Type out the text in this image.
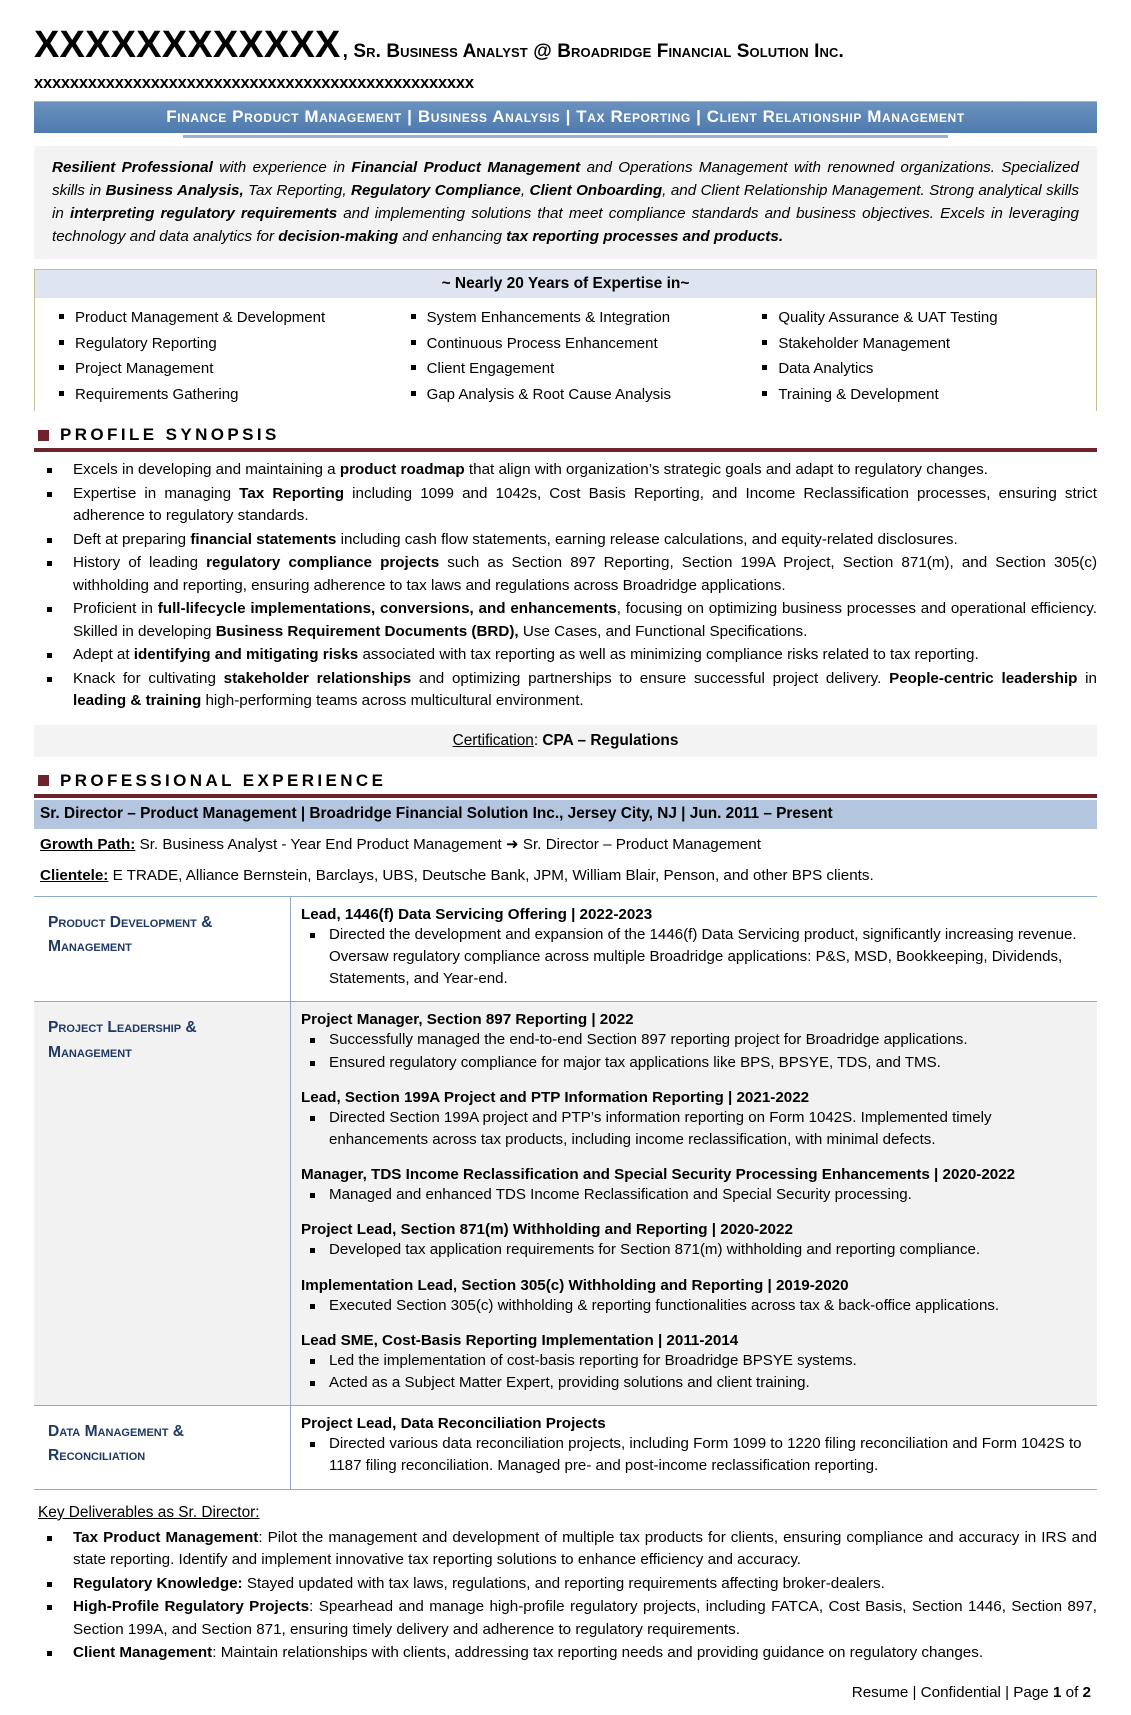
XXXXXXXXXXXX , Sr. Business Analyst @ Broadridge Financial Solution Inc.
xxxxxxxxxxxxxxxxxxxxxxxxxxxxxxxxxxxxxxxxxxxxxxxxx
Finance Product Management | Business Analysis | Tax Reporting | Client Relationship Management
Resilient Professional with experience in Financial Product Management and Operations Management with renowned organizations. Specialized skills in Business Analysis, Tax Reporting, Regulatory Compliance, Client Onboarding, and Client Relationship Management. Strong analytical skills in interpreting regulatory requirements and implementing solutions that meet compliance standards and business objectives. Excels in leveraging technology and data analytics for decision-making and enhancing tax reporting processes and products.
~ Nearly 20 Years of Expertise in~
Product Management & Development	System Enhancements & Integration	Quality Assurance & UAT Testing
Regulatory Reporting	Continuous Process Enhancement	Stakeholder Management
Project Management	Client Engagement	Data Analytics
Requirements Gathering	Gap Analysis & Root Cause Analysis	Training & Development
PROFILE SYNOPSIS
Excels in developing and maintaining a product roadmap that align with organization’s strategic goals and adapt to regulatory changes.
Expertise in managing Tax Reporting including 1099 and 1042s, Cost Basis Reporting, and Income Reclassification processes, ensuring strict adherence to regulatory standards.
Deft at preparing financial statements including cash flow statements, earning release calculations, and equity-related disclosures.
History of leading regulatory compliance projects such as Section 897 Reporting, Section 199A Project, Section 871(m), and Section 305(c) withholding and reporting, ensuring adherence to tax laws and regulations across Broadridge applications.
Proficient in full-lifecycle implementations, conversions, and enhancements, focusing on optimizing business processes and operational efficiency. Skilled in developing Business Requirement Documents (BRD), Use Cases, and Functional Specifications.
Adept at identifying and mitigating risks associated with tax reporting as well as minimizing compliance risks related to tax reporting.
Knack for cultivating stakeholder relationships and optimizing partnerships to ensure successful project delivery. People-centric leadership in leading & training high-performing teams across multicultural environment.
Certification: CPA – Regulations
PROFESSIONAL EXPERIENCE
Sr. Director – Product Management | Broadridge Financial Solution Inc., Jersey City, NJ | Jun. 2011 – Present
Growth Path: Sr. Business Analyst - Year End Product Management ➜ Sr. Director – Product Management
Clientele: E TRADE, Alliance Bernstein, Barclays, UBS, Deutsche Bank, JPM, William Blair, Penson, and other BPS clients.
Product Development & Management	
Lead, 1446(f) Data Servicing Offering | 2022-2023
Directed the development and expansion of the 1446(f) Data Servicing product, significantly increasing revenue. Oversaw regulatory compliance across multiple Broadridge applications: P&S, MSD, Bookkeeping, Dividends, Statements, and Year-end.

Project Leadership & Management	
Project Manager, Section 897 Reporting | 2022
Successfully managed the end-to-end Section 897 reporting project for Broadridge applications.
Ensured regulatory compliance for major tax applications like BPS, BPSYE, TDS, and TMS.
Lead, Section 199A Project and PTP Information Reporting | 2021-2022
Directed Section 199A project and PTP’s information reporting on Form 1042S. Implemented timely enhancements across tax products, including income reclassification, with minimal defects.
Manager, TDS Income Reclassification and Special Security Processing Enhancements | 2020-2022
Managed and enhanced TDS Income Reclassification and Special Security processing.
Project Lead, Section 871(m) Withholding and Reporting | 2020-2022
Developed tax application requirements for Section 871(m) withholding and reporting compliance.
Implementation Lead, Section 305(c) Withholding and Reporting | 2019-2020
Executed Section 305(c) withholding & reporting functionalities across tax & back-office applications.
Lead SME, Cost-Basis Reporting Implementation | 2011-2014
Led the implementation of cost-basis reporting for Broadridge BPSYE systems.
Acted as a Subject Matter Expert, providing solutions and client training.

Data Management & Reconciliation	
Project Lead, Data Reconciliation Projects
Directed various data reconciliation projects, including Form 1099 to 1220 filing reconciliation and Form 1042S to 1187 filing reconciliation. Managed pre- and post-income reclassification reporting.
Key Deliverables as Sr. Director:
Tax Product Management: Pilot the management and development of multiple tax products for clients, ensuring compliance and accuracy in IRS and state reporting. Identify and implement innovative tax reporting solutions to enhance efficiency and accuracy.
Regulatory Knowledge: Stayed updated with tax laws, regulations, and reporting requirements affecting broker-dealers.
High-Profile Regulatory Projects: Spearhead and manage high-profile regulatory projects, including FATCA, Cost Basis, Section 1446, Section 897, Section 199A, and Section 871, ensuring timely delivery and adherence to regulatory requirements.
Client Management: Maintain relationships with clients, addressing tax reporting needs and providing guidance on regulatory changes.
Resume | Confidential | Page 1 of 2
